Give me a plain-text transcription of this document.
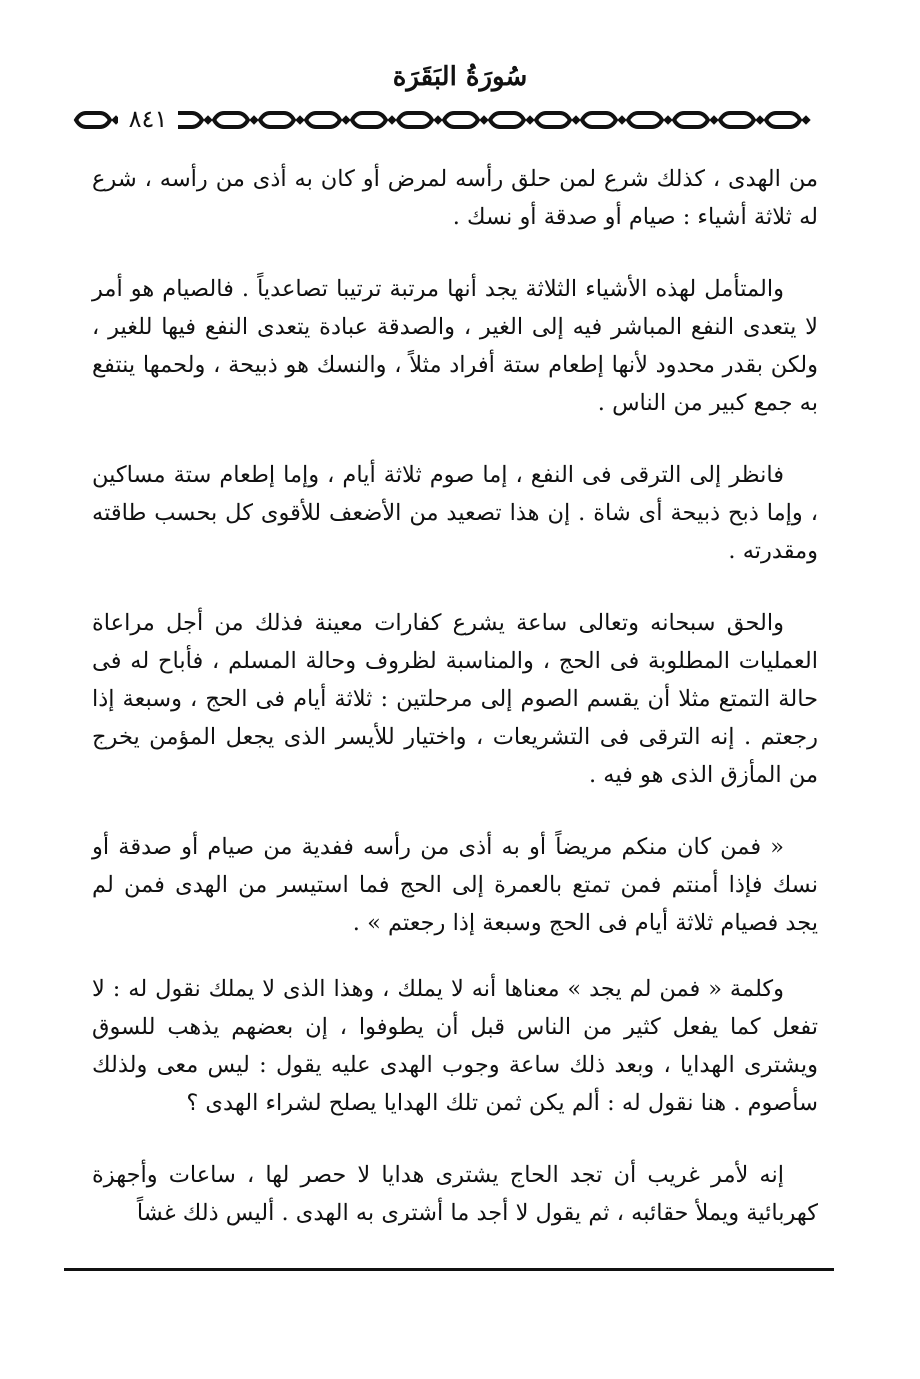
سُورَةُ البَقَرَة
٨٤١

من الهدى ، كذلك شرع لمن حلق رأسه لمرض أو كان به أذى من رأسه ، شرع له ثلاثة أشياء : صيام أو صدقة أو نسك .

والمتأمل لهذه الأشياء الثلاثة يجد أنها مرتبة ترتيبا تصاعدياً . فالصيام هو أمر لا يتعدى النفع المباشر فيه إلى الغير ، والصدقة عبادة يتعدى النفع فيها للغير ، ولكن بقدر محدود لأنها إطعام ستة أفراد مثلاً ، والنسك هو ذبيحة ، ولحمها ينتفع به جمع كبير من الناس .

فانظر إلى الترقى فى النفع ، إما صوم ثلاثة أيام ، وإما إطعام ستة مساكين ، وإما ذبح ذبيحة أى شاة . إن هذا تصعيد من الأضعف للأقوى كل بحسب طاقته ومقدرته .

والحق سبحانه وتعالى ساعة يشرع كفارات معينة فذلك من أجل مراعاة العمليات المطلوبة فى الحج ، والمناسبة لظروف وحالة المسلم ، فأباح له فى حالة التمتع مثلا أن يقسم الصوم إلى مرحلتين : ثلاثة أيام فى الحج ، وسبعة إذا رجعتم . إنه الترقى فى التشريعات ، واختيار للأيسر الذى يجعل المؤمن يخرج من المأزق الذى هو فيه .

« فمن كان منكم مريضاً أو به أذى من رأسه ففدية من صيام أو صدقة أو نسك فإذا أمنتم فمن تمتع بالعمرة إلى الحج فما استيسر من الهدى فمن لم يجد فصيام ثلاثة أيام فى الحج وسبعة إذا رجعتم » .

وكلمة « فمن لم يجد » معناها أنه لا يملك ، وهذا الذى لا يملك نقول له : لا تفعل كما يفعل كثير من الناس قبل أن يطوفوا ، إن بعضهم يذهب للسوق ويشترى الهدايا ، وبعد ذلك ساعة وجوب الهدى عليه يقول : ليس معى ولذلك سأصوم . هنا نقول له : ألم يكن ثمن تلك الهدايا يصلح لشراء الهدى ؟

إنه لأمر غريب أن تجد الحاج يشترى هدايا لا حصر لها ، ساعات وأجهزة كهربائية ويملأ حقائبه ، ثم يقول لا أجد ما أشترى به الهدى . أليس ذلك غشاً
